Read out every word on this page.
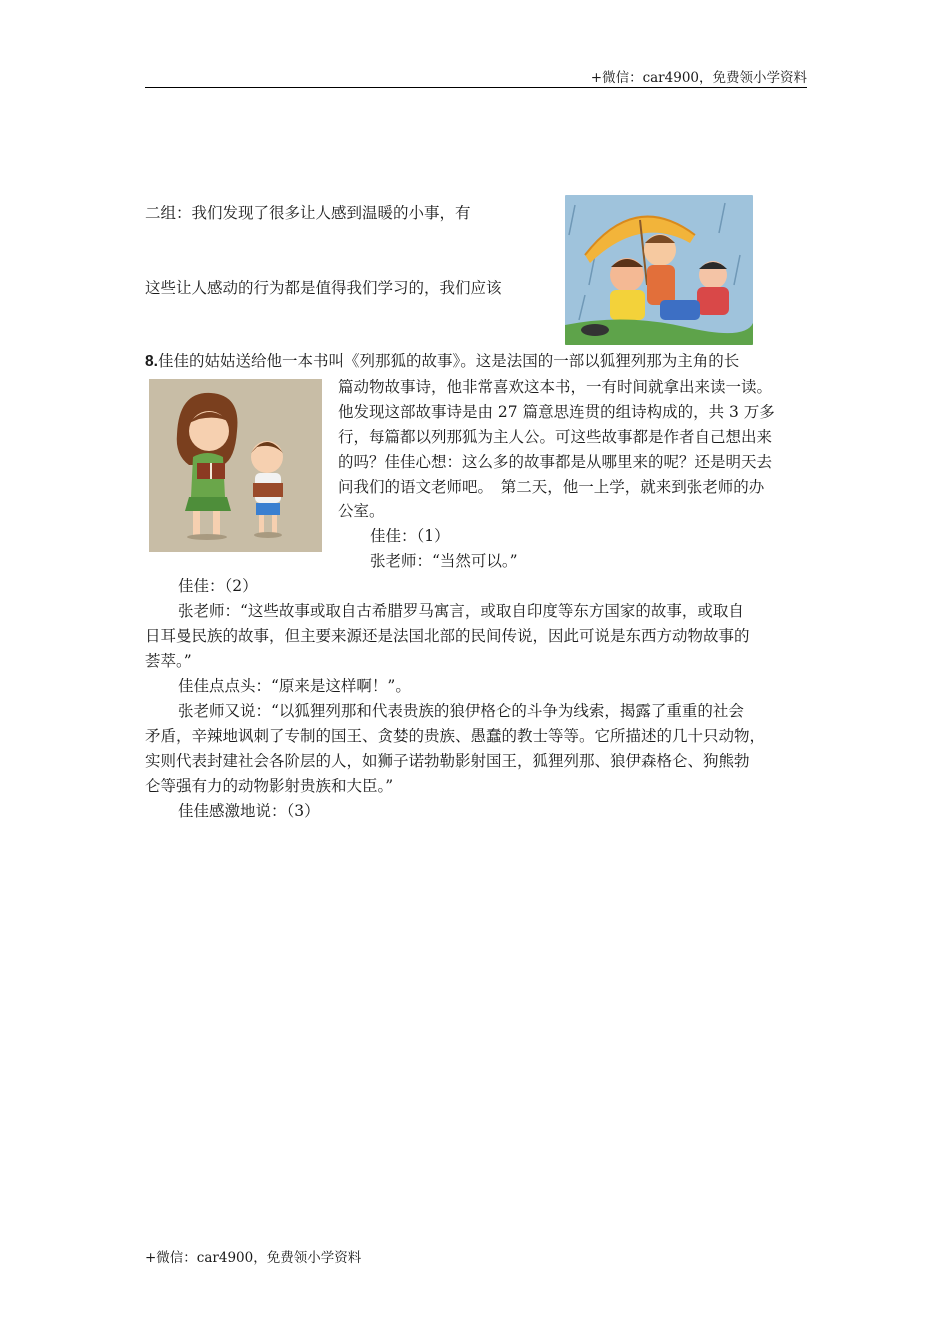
+微信：car4900，免费领小学资料
二组：我们发现了很多让人感到温暖的小事，有
这些让人感动的行为都是值得我们学习的，我们应该
8.佳佳的姑姑送给他一本书叫《列那狐的故事》。这是法国的一部以狐狸列那为主角的长
篇动物故事诗，他非常喜欢这本书，一有时间就拿出来读一读。
他发现这部故事诗是由 27 篇意思连贯的组诗构成的，共 3 万多
行，每篇都以列那狐为主人公。可这些故事都是作者自己想出来
的吗？佳佳心想：这么多的故事都是从哪里来的呢？还是明天去
问我们的语文老师吧。　第二天，他一上学，就来到张老师的办
公室。
佳佳：（1）
张老师：“当然可以。”
佳佳：（2）
张老师：“这些故事或取自古希腊罗马寓言，或取自印度等东方国家的故事，或取自
日耳曼民族的故事，但主要来源还是法国北部的民间传说，因此可说是东西方动物故事的
荟萃。”
佳佳点点头：“原来是这样啊！”。
张老师又说：“以狐狸列那和代表贵族的狼伊格仑的斗争为线索，揭露了重重的社会
矛盾，辛辣地讽刺了专制的国王、贪婪的贵族、愚蠢的教士等等。它所描述的几十只动物，
实则代表封建社会各阶层的人，如狮子诺勃勒影射国王，狐狸列那、狼伊森格仑、狗熊勃
仑等强有力的动物影射贵族和大臣。”
佳佳感激地说：（3）
+微信：car4900，免费领小学资料
